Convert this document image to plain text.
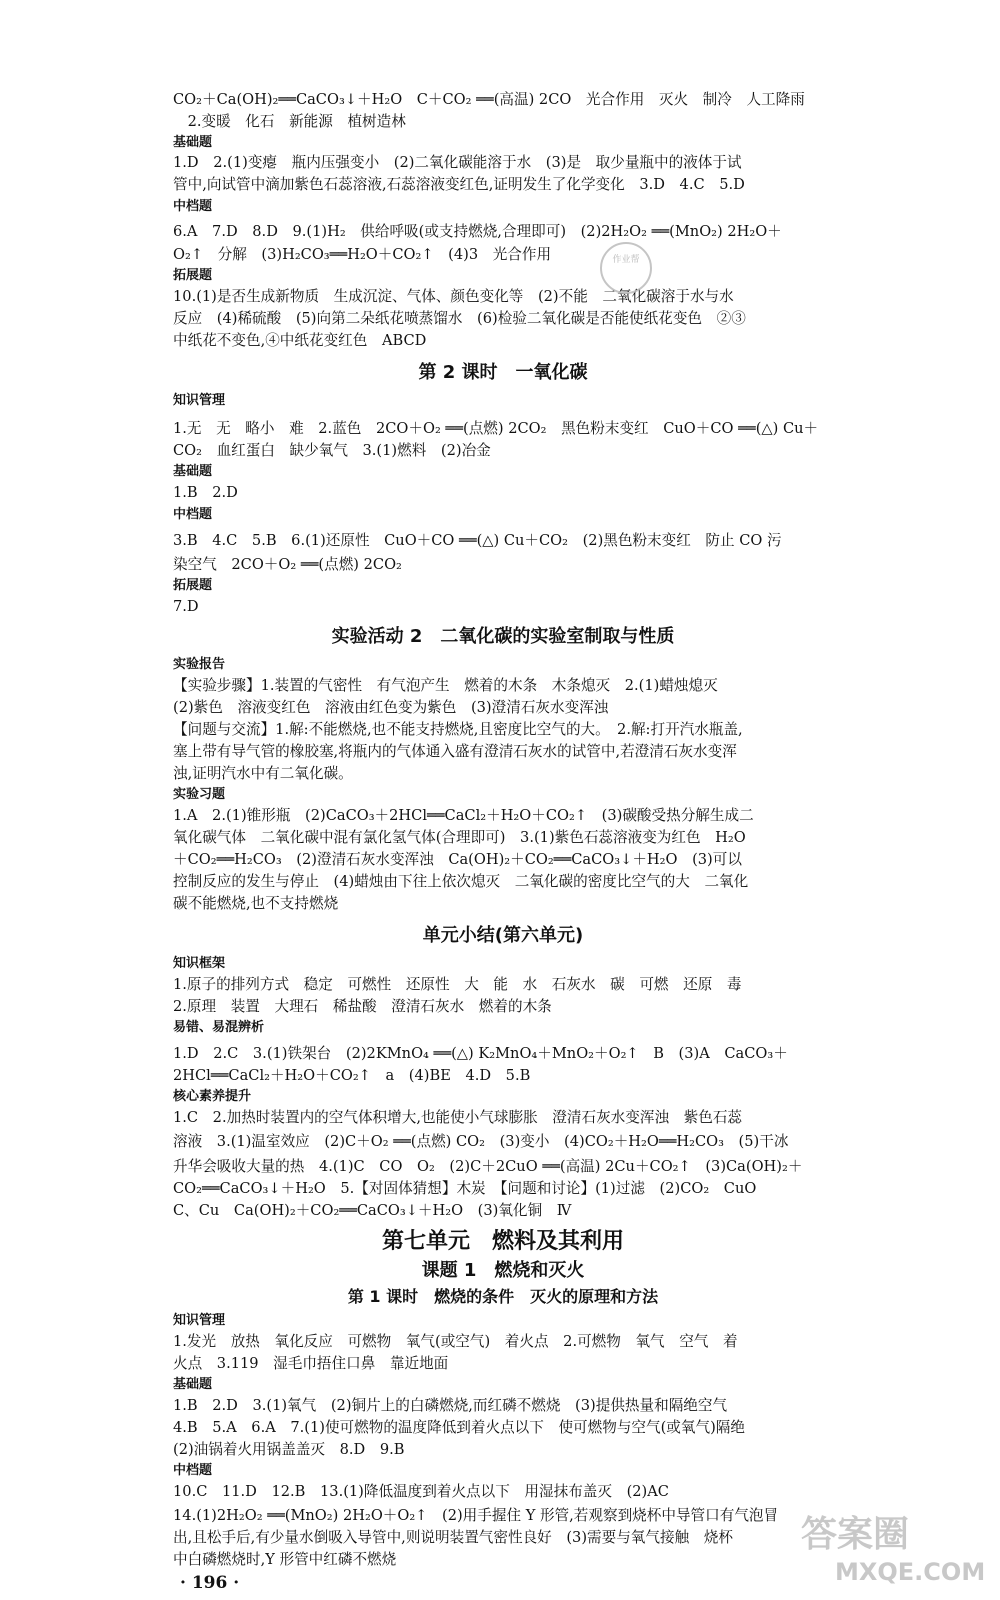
CO₂＋Ca(OH)₂══CaCO₃↓＋H₂O　C＋CO₂ ══(高温) 2CO　光合作用　灭火　制冷　人工降雨
　2.变暖　化石　新能源　植树造林
基础题
1.D　2.(1)变瘪　瓶内压强变小　(2)二氧化碳能溶于水　(3)是　取少量瓶中的液体于试
管中,向试管中滴加紫色石蕊溶液,石蕊溶液变红色,证明发生了化学变化　3.D　4.C　5.D
中档题
6.A　7.D　8.D　9.(1)H₂　供给呼吸(或支持燃烧,合理即可)　(2)2H₂O₂ ══(MnO₂) 2H₂O＋
O₂↑　分解　(3)H₂CO₃══H₂O＋CO₂↑　(4)3　光合作用
拓展题
10.(1)是否生成新物质　生成沉淀、气体、颜色变化等　(2)不能　二氧化碳溶于水与水
反应　(4)稀硫酸　(5)向第二朵纸花喷蒸馏水　(6)检验二氧化碳是否能使纸花变色　②③
中纸花不变色,④中纸花变红色　ABCD
第 2 课时　一氧化碳
知识管理
1.无　无　略小　难　2.蓝色　2CO＋O₂ ══(点燃) 2CO₂　黑色粉末变红　CuO＋CO ══(△) Cu＋
CO₂　血红蛋白　缺少氧气　3.(1)燃料　(2)冶金
基础题
1.B　2.D
中档题
3.B　4.C　5.B　6.(1)还原性　CuO＋CO ══(△) Cu＋CO₂　(2)黑色粉末变红　防止 CO 污
染空气　2CO＋O₂ ══(点燃) 2CO₂
拓展题
7.D
实验活动 2　二氧化碳的实验室制取与性质
实验报告
【实验步骤】1.装置的气密性　有气泡产生　燃着的木条　木条熄灭　2.(1)蜡烛熄灭
(2)紫色　溶液变红色　溶液由红色变为紫色　(3)澄清石灰水变浑浊
【问题与交流】1.解:不能燃烧,也不能支持燃烧,且密度比空气的大。　2.解:打开汽水瓶盖,
塞上带有导气管的橡胶塞,将瓶内的气体通入盛有澄清石灰水的试管中,若澄清石灰水变浑
浊,证明汽水中有二氧化碳。
实验习题
1.A　2.(1)锥形瓶　(2)CaCO₃＋2HCl══CaCl₂＋H₂O＋CO₂↑　(3)碳酸受热分解生成二
氧化碳气体　二氧化碳中混有氯化氢气体(合理即可)　3.(1)紫色石蕊溶液变为红色　H₂O
＋CO₂══H₂CO₃　(2)澄清石灰水变浑浊　Ca(OH)₂＋CO₂══CaCO₃↓＋H₂O　(3)可以
控制反应的发生与停止　(4)蜡烛由下往上依次熄灭　二氧化碳的密度比空气的大　二氧化
碳不能燃烧,也不支持燃烧
单元小结(第六单元)
知识框架
1.原子的排列方式　稳定　可燃性　还原性　大　能　水　石灰水　碳　可燃　还原　毒
2.原理　装置　大理石　稀盐酸　澄清石灰水　燃着的木条
易错、易混辨析
1.D　2.C　3.(1)铁架台　(2)2KMnO₄ ══(△) K₂MnO₄＋MnO₂＋O₂↑　B　(3)A　CaCO₃＋
2HCl══CaCl₂＋H₂O＋CO₂↑　a　(4)BE　4.D　5.B
核心素养提升
1.C　2.加热时装置内的空气体积增大,也能使小气球膨胀　澄清石灰水变浑浊　紫色石蕊
溶液　3.(1)温室效应　(2)C＋O₂ ══(点燃) CO₂　(3)变小　(4)CO₂＋H₂O══H₂CO₃　(5)干冰
升华会吸收大量的热　4.(1)C　CO　O₂　(2)C＋2CuO ══(高温) 2Cu＋CO₂↑　(3)Ca(OH)₂＋
CO₂══CaCO₃↓＋H₂O　5.【对固体猜想】木炭　【问题和讨论】(1)过滤　(2)CO₂　CuO
C、Cu　Ca(OH)₂＋CO₂══CaCO₃↓＋H₂O　(3)氧化铜　Ⅳ
第七单元　燃料及其利用
课题 1　燃烧和灭火
第 1 课时　燃烧的条件　灭火的原理和方法
知识管理
1.发光　放热　氧化反应　可燃物　氧气(或空气)　着火点　2.可燃物　氧气　空气　着
火点　3.119　湿毛巾捂住口鼻　靠近地面
基础题
1.B　2.D　3.(1)氧气　(2)铜片上的白磷燃烧,而红磷不燃烧　(3)提供热量和隔绝空气
4.B　5.A　6.A　7.(1)使可燃物的温度降低到着火点以下　使可燃物与空气(或氧气)隔绝
(2)油锅着火用锅盖盖灭　8.D　9.B
中档题
10.C　11.D　12.B　13.(1)降低温度到着火点以下　用湿抹布盖灭　(2)AC
14.(1)2H₂O₂ ══(MnO₂) 2H₂O＋O₂↑　(2)用手握住 Y 形管,若观察到烧杯中导管口有气泡冒
出,且松手后,有少量水倒吸入导管中,则说明装置气密性良好　(3)需要与氧气接触　烧杯
中白磷燃烧时,Y 形管中红磷不燃烧
· 196 ·
作业帮
答案圈
MXQE.COM
